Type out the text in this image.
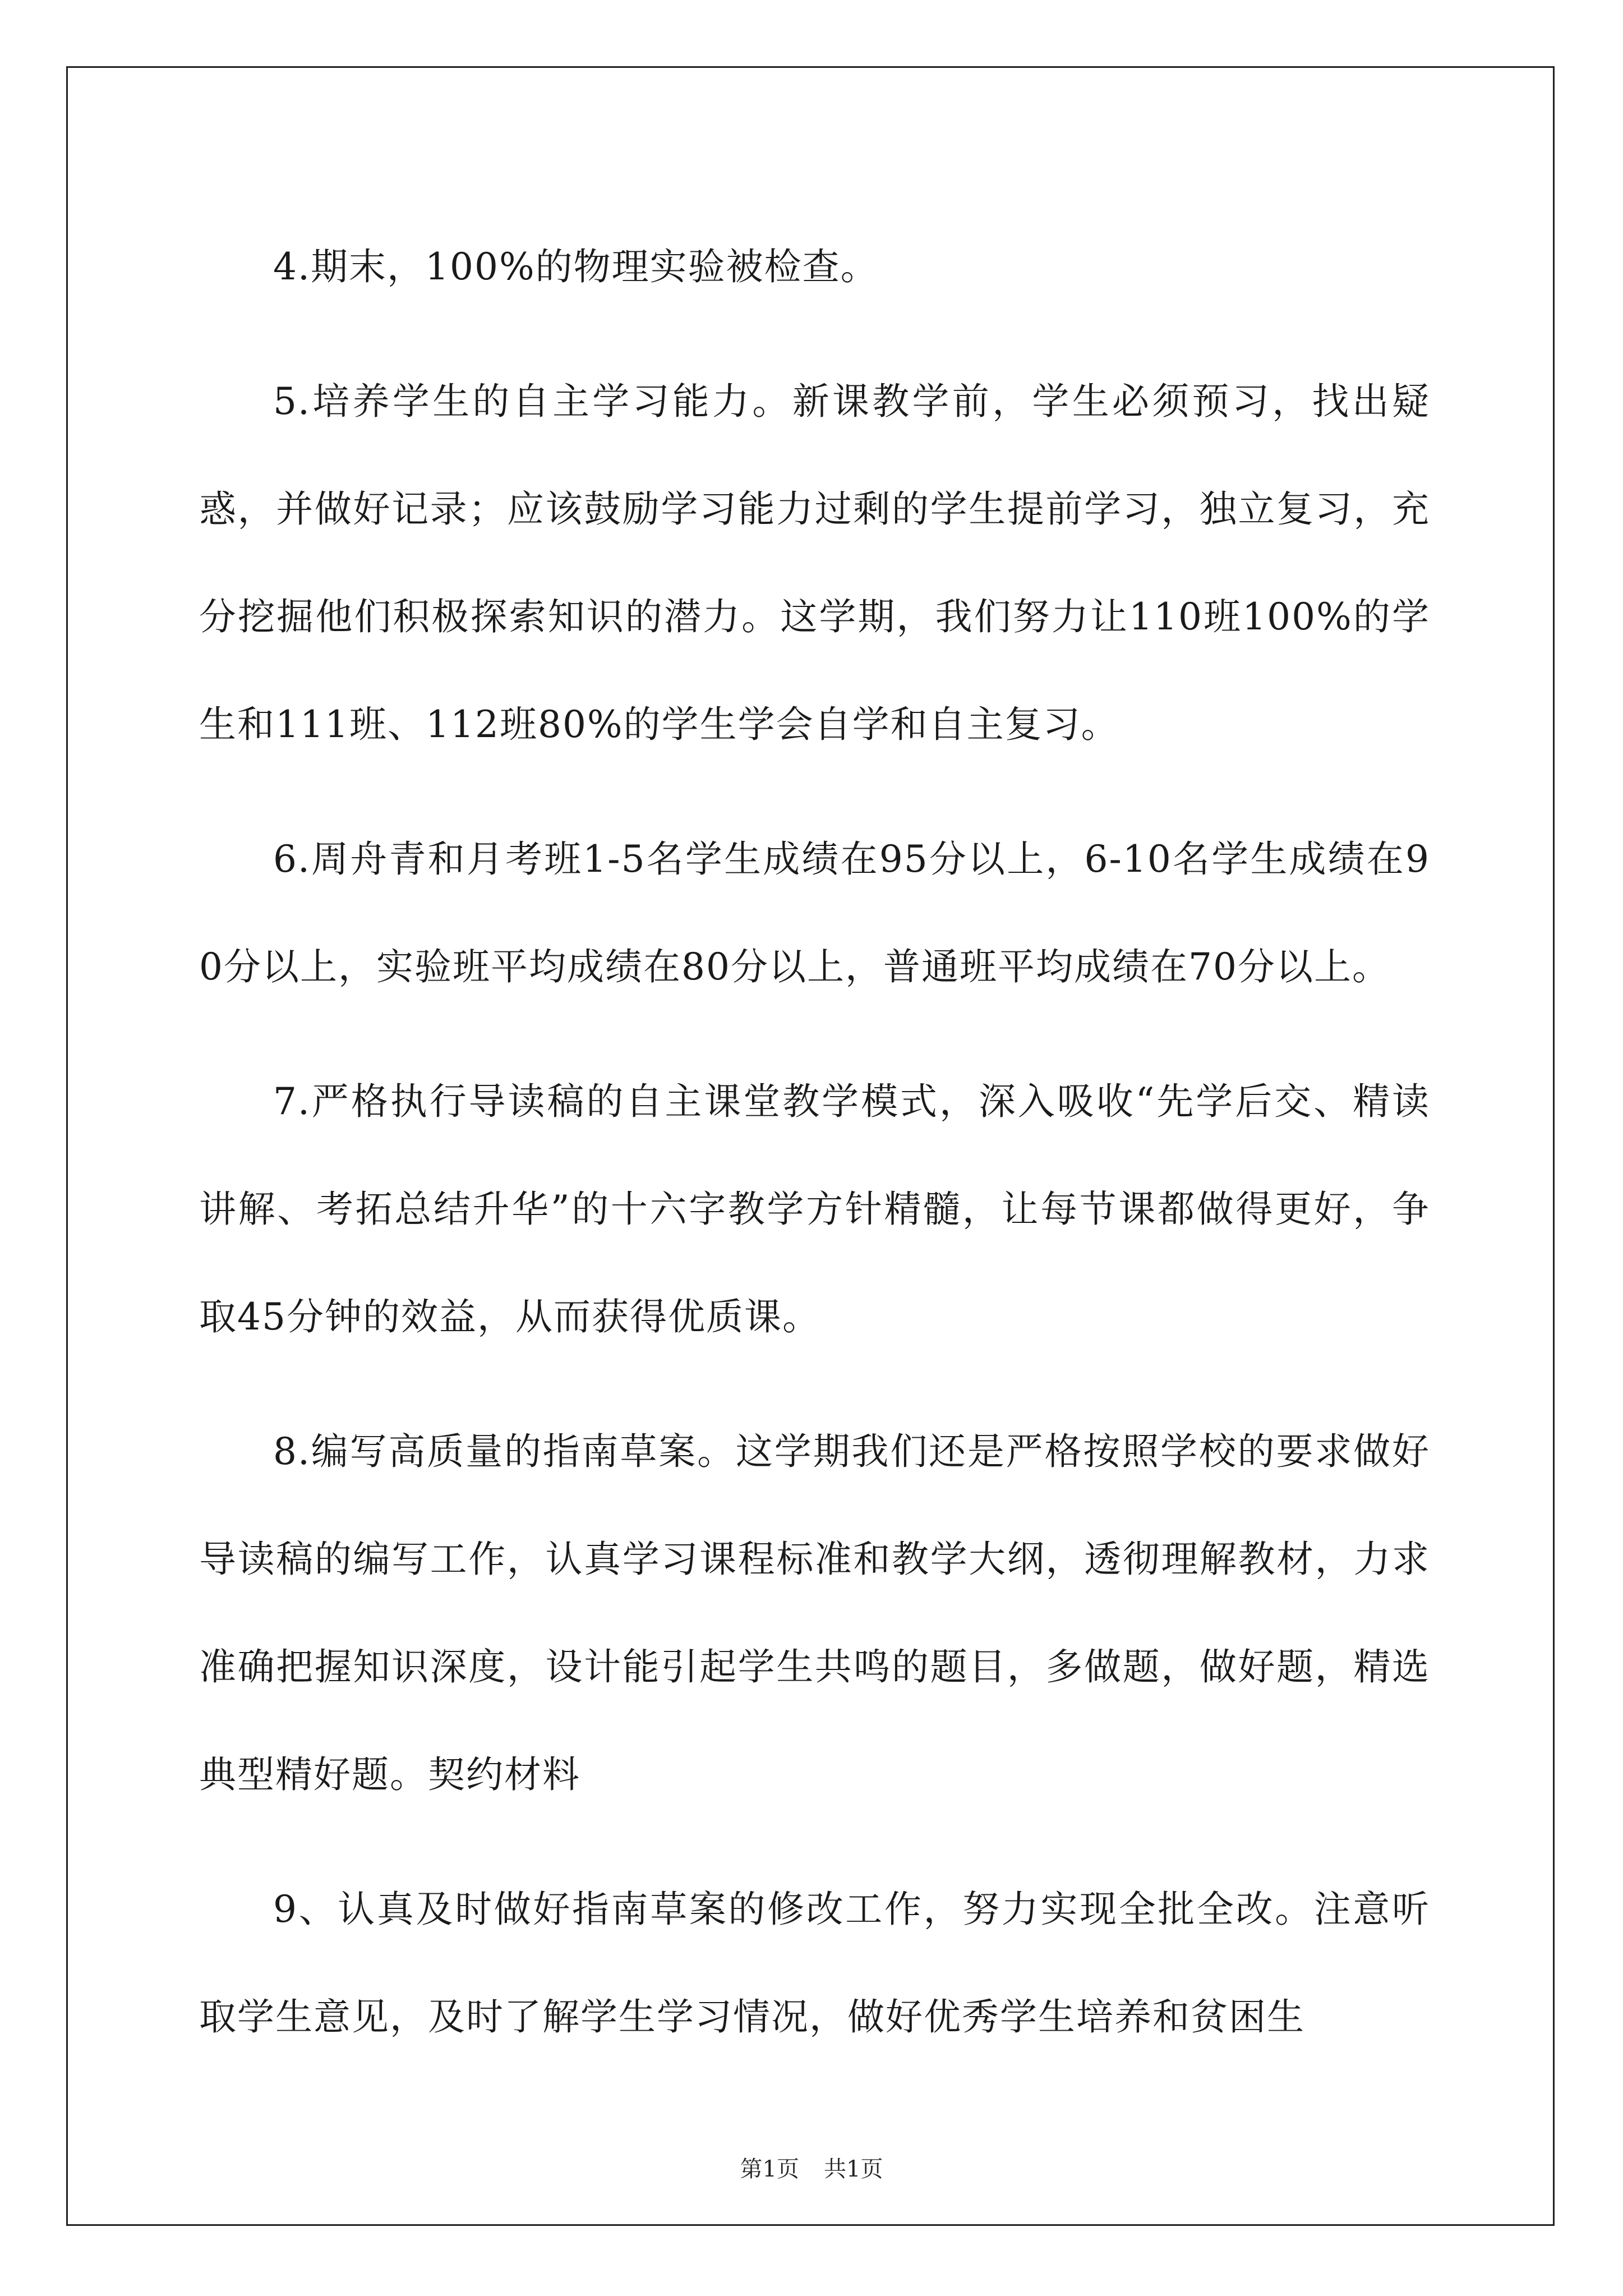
4.期末，100%的物理实验被检查。

5.培养学生的自主学习能力。新课教学前，学生必须预习，找出疑惑，并做好记录；应该鼓励学习能力过剩的学生提前学习，独立复习，充分挖掘他们积极探索知识的潜力。这学期，我们努力让110班100%的学生和111班、112班80%的学生学会自学和自主复习。

6.周舟青和月考班1-5名学生成绩在95分以上，6-10名学生成绩在90分以上，实验班平均成绩在80分以上，普通班平均成绩在70分以上。

7.严格执行导读稿的自主课堂教学模式，深入吸收“先学后交、精读讲解、考拓总结升华”的十六字教学方针精髓，让每节课都做得更好，争取45分钟的效益，从而获得优质课。

8.编写高质量的指南草案。这学期我们还是严格按照学校的要求做好导读稿的编写工作，认真学习课程标准和教学大纲，透彻理解教材，力求准确把握知识深度，设计能引起学生共鸣的题目，多做题，做好题，精选典型精好题。契约材料

9、认真及时做好指南草案的修改工作，努力实现全批全改。注意听取学生意见，及时了解学生学习情况，做好优秀学生培养和贫困生

第1页 共1页
